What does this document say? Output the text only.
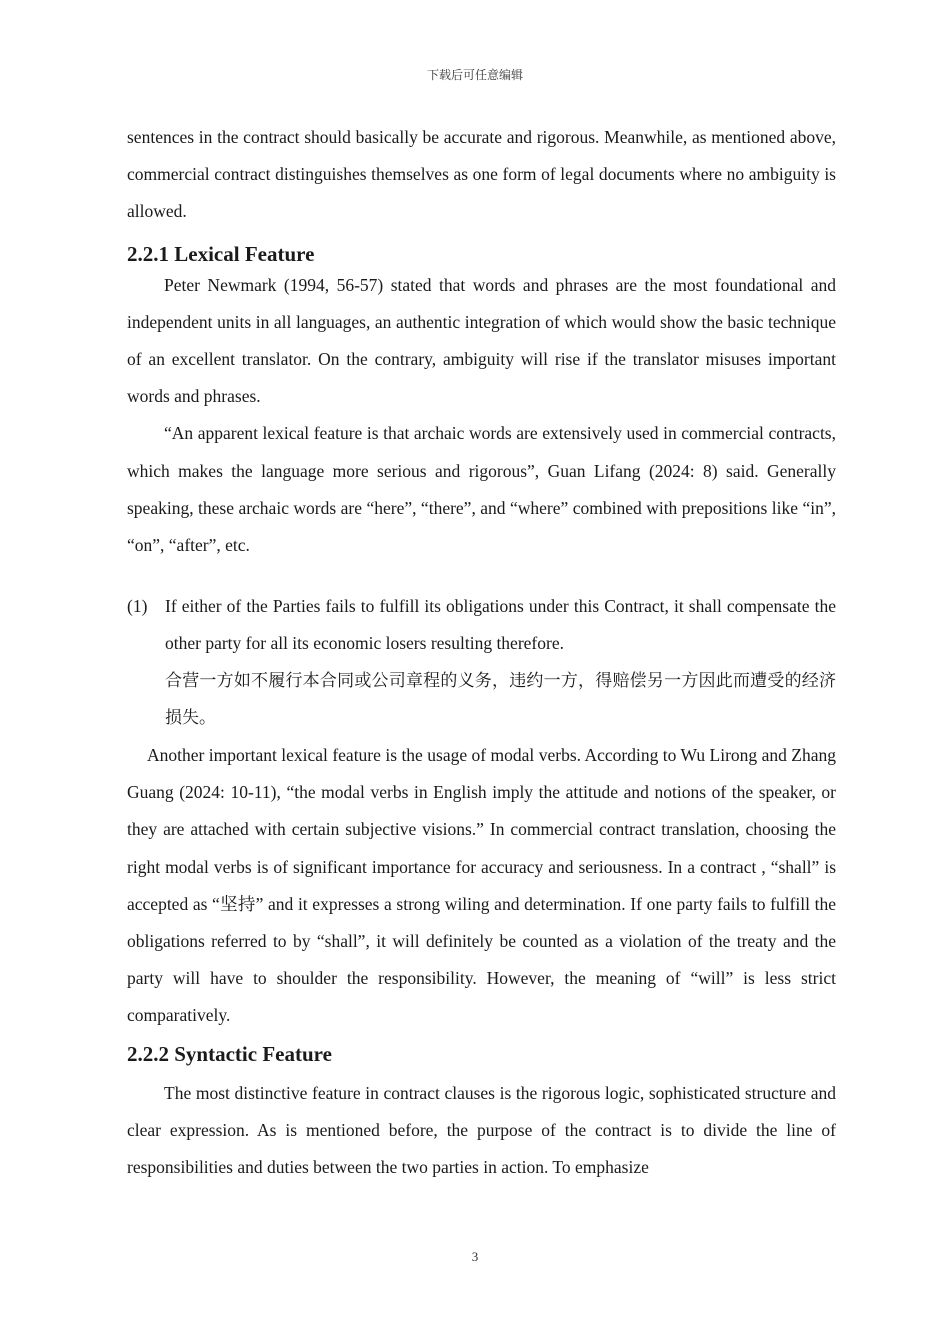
下载后可任意编辑

sentences in the contract should basically be accurate and rigorous. Meanwhile, as mentioned above, commercial contract distinguishes themselves as one form of legal documents where no ambiguity is allowed.

2.2.1 Lexical Feature

Peter Newmark (1994, 56-57) stated that words and phrases are the most foundational and independent units in all languages, an authentic integration of which would show the basic technique of an excellent translator. On the contrary, ambiguity will rise if the translator misuses important words and phrases.

“An apparent lexical feature is that archaic words are extensively used in commercial contracts, which makes the language more serious and rigorous”, Guan Lifang (2024: 8) said. Generally speaking, these archaic words are “here”, “there”, and “where” combined with prepositions like “in”, “on”, “after”, etc.

(1)	If either of the Parties fails to fulfill its obligations under this Contract, it shall compensate the other party for all its economic losers resulting therefore.

合营一方如不履行本合同或公司章程的义务，违约一方，得赔偿另一方因此而遭受的经济损失。

Another important lexical feature is the usage of modal verbs. According to Wu Lirong and Zhang Guang (2024: 10-11), “the modal verbs in English imply the attitude and notions of the speaker, or they are attached with certain subjective visions.” In commercial contract translation, choosing the right modal verbs is of significant importance for accuracy and seriousness. In a contract , “shall” is accepted as “坚持” and it expresses a strong wiling and determination. If one party fails to fulfill the obligations referred to by “shall”, it will definitely be counted as a violation of the treaty and the party will have to shoulder the responsibility. However, the meaning of “will” is less strict comparatively.

2.2.2 Syntactic Feature

The most distinctive feature in contract clauses is the rigorous logic, sophisticated structure and clear expression. As is mentioned before, the purpose of the contract is to divide the line of responsibilities and duties between the two parties in action. To emphasize

3
